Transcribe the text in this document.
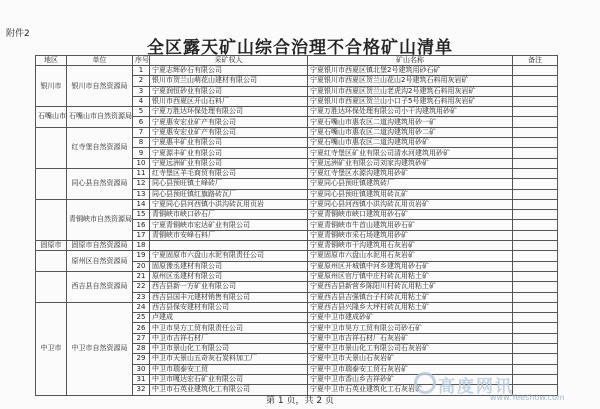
附件2
全区露天矿山综合治理不合格矿山清单
地区	单位	序号	采矿权人	矿山名称	备注
银川市	银川市自然资源局	1	宁夏志辉砂石有限公司	宁夏银川市西夏区镇北堡2号建筑用砂石矿	
		2	银川市贺兰山萌花山建材有限公司	宁夏银川市西夏区贺兰山花山2号建筑石料用灰岩矿	
		3	宁夏润恒砂业有限公司	宁夏银川市西夏区贺兰山老虎沟2号建筑石料用灰岩矿	
		4	银川市西夏区开山石料厂	宁夏银川市西夏区贺兰山小口子5号建筑石料用灰岩矿	
石嘴山市	石嘴山市自然资源局	5	宁夏万胜达环保处理有限公司	宁夏万胜达环保处理有限公司小干沟建筑用砂矿	
		6	宁夏惠安宏业矿产有限公司	宁夏石嘴山市惠农区二道沟建筑用砂一矿	
	红寺堡自然资源局	7	宁夏惠安宏业矿产有限公司	宁夏石嘴山市惠农区二道沟建筑用砂二矿	
		8	宁夏惠丰矿业有限公司	宁夏石嘴山市惠农区二道沟建筑用砂矿	
		9	宁夏源丰矿业有限公司	宁夏红寺堡区矿业有限公司清水河建筑用砂矿	
		10	宁夏远洲矿业有限公司	宁夏远洲矿业有限公司刘家沟建筑砂矿	
	同心县自然资源局	11	红寺堡区羊毛商贸有限公司	宁夏红寺堡区水源沟建筑用砂矿	
		12	同心县预旺镇土峰砖厂	宁夏同心县预旺镇建筑砖厂	
		13	同心县预旺镇红旗路砖瓦厂	宁夏同心县预旺镇建筑用砖瓦矿	
	青铜峡市自然资源局	14	宁夏同心县河西镇小洪沟砖瓦用页岩	宁夏同心县河西镇小洪沟砖瓦用页岩矿	
		15	青铜峡市峡口砂石厂	宁夏青铜峡市峡口建筑用砂石矿	
		16	宁夏青铜峡市宏达矿业有限公司	宁夏青铜峡市牛首山建筑用砂石矿	
		17	青铜峡市安峰石料厂	宁夏青铜峡市采石场建筑用砂矿	
固原市	固原市自然资源局	18		宁夏青铜峡市干沟建筑用石灰岩矿	
	原州区自然资源局	19	宁夏固原市六盘山水泥有限责任公司	宁夏固原市六盘山水泥用石灰岩矿	
		20	固原豫丞建材有限公司	宁夏原州区开城镇中河乡建筑用砂石矿	
	西吉县自然资源局	21	原州区丞建材有限公司	宁夏原州区官厅镇中庄村砖瓦用粘土矿	
		22	西吉县新一方矿业有限公司	宁夏西吉县新营乡陈阳川村砖瓦用粘土矿	
		23	西吉县国丰元建材销售有限公司	宁夏西吉县吉强镇台子村砖瓦用粘土矿	
中卫市	中卫市自然资源局	24	西吉县保安建材有限公司	宁夏西吉县兴隆乡大坪村砖瓦用粘土矿	
		25	卢建成	宁夏中卫市建成砂矿	
		26	中卫市昊方工贸有限责任公司	宁夏中卫市昊方工贸有限公司砂石矿	
		27	中卫市吉祥石材厂	宁夏中卫市吉祥石材厂石灰岩矿	
		28	中卫市景山化工有限公司	宁夏中卫市景山化工有限公司石灰岩矿	
		29	中卫市天景山五奇灰石炭料加工厂	宁夏中卫市天景山石灰岩矿	
		30	中卫市瑞泰安工贸	宁夏中卫市瑞泰安工贸石灰岩矿	
		31	中卫市嘎达宏石矿业有限公司	宁夏中卫市香山乡吉祥砂矿	
		32	中卫市石英业建筑化工有限公司	宁夏中卫市石英业建筑化工石灰岩矿	
第 1 页，共 2 页
高度网讯
www.Yeeshow.com
